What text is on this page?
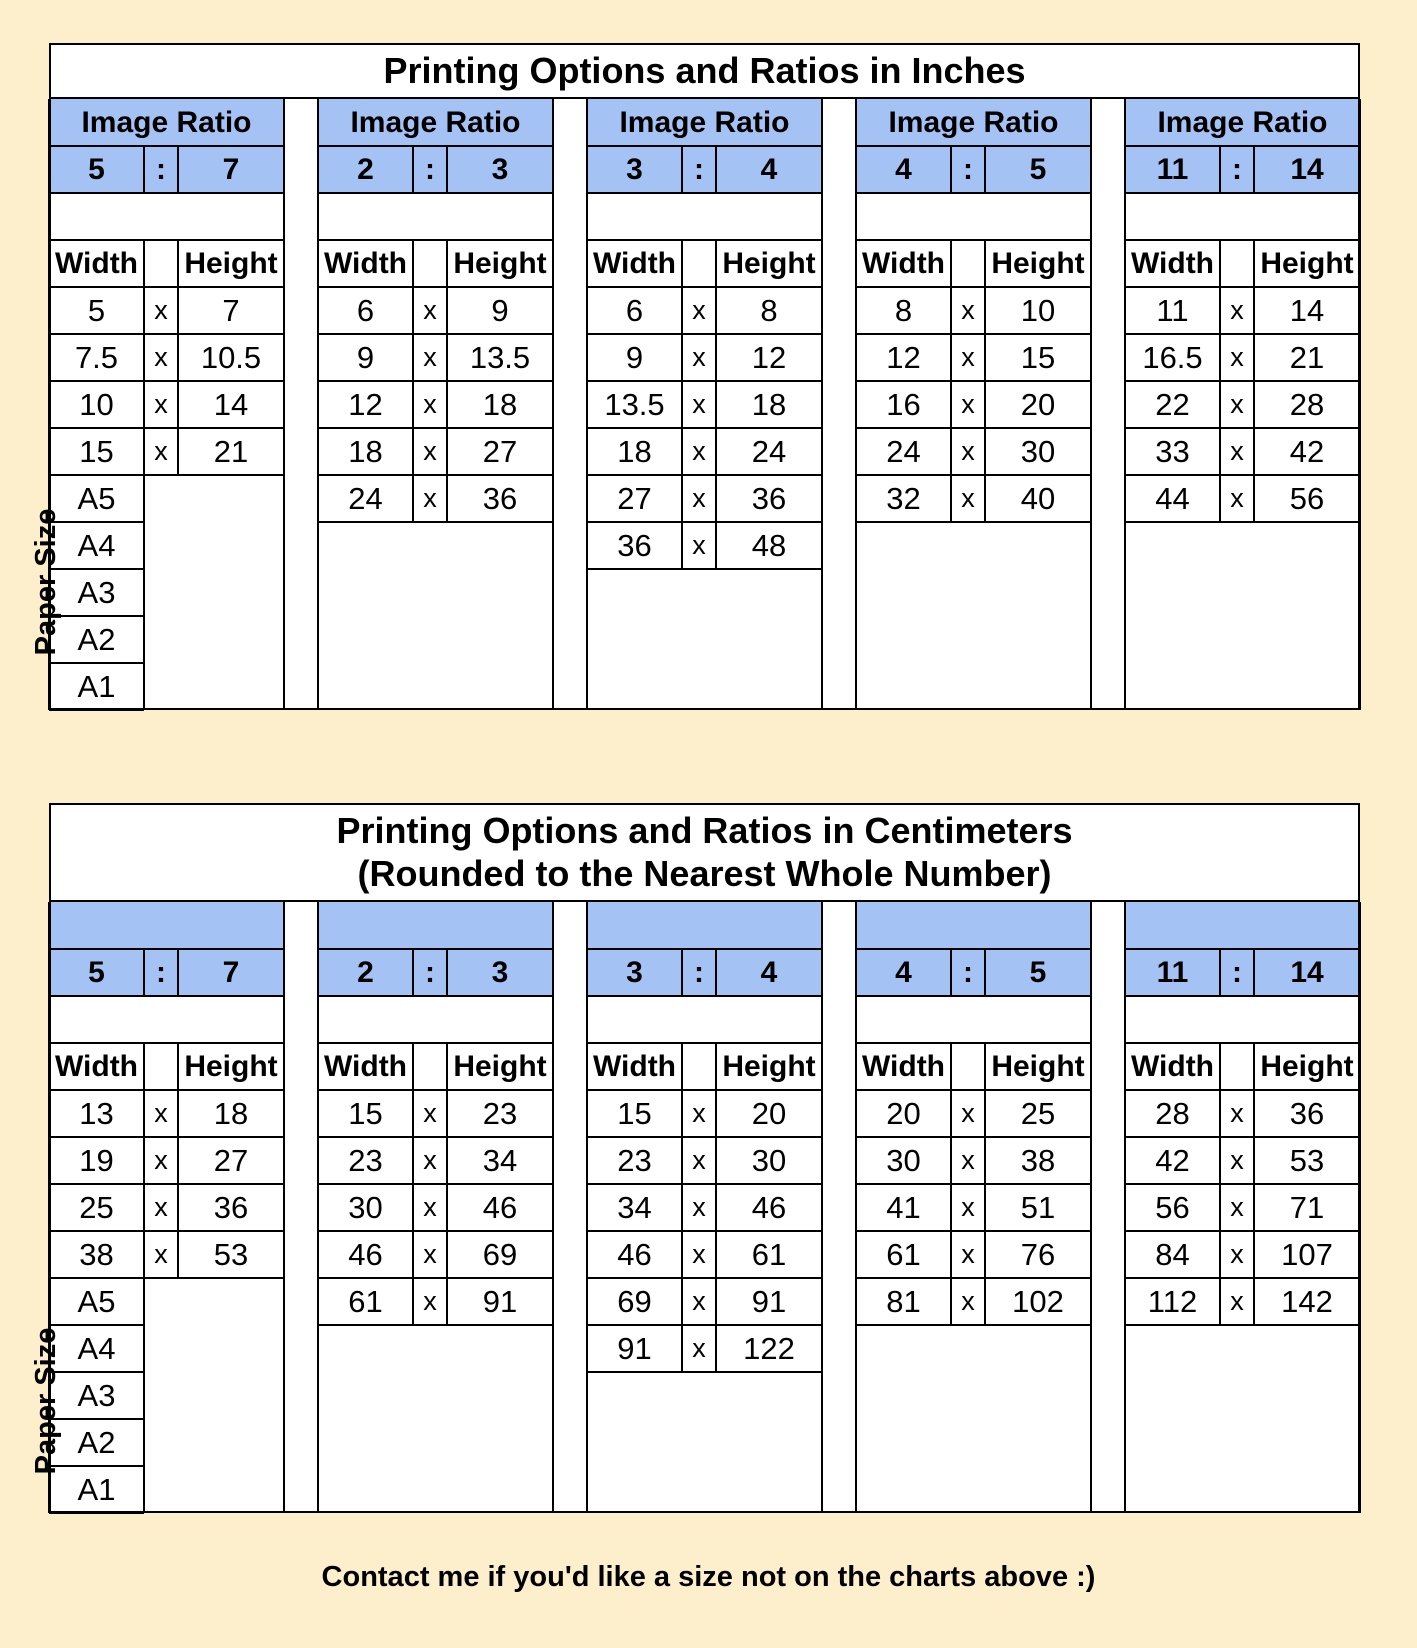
Printing Options and Ratios in Inches
Image Ratio
5	:	7
Width Height
5	x	7
7.5	x	10.5
10	x	14
15	x	21
A5
A4
A3
A2
A1
Image Ratio
2	:	3
Width Height
6	x	9
9	x	13.5
12	x	18
18	x	27
24	x	36
Image Ratio
3	:	4
Width Height
6	x	8
9	x	12
13.5	x	18
18	x	24
27	x	36
36	x	48
Image Ratio
4	:	5
Width Height
8	x	10
12	x	15
16	x	20
24	x	30
32	x	40
Image Ratio
11	:	14
Width Height
11	x	14
16.5	x	21
22	x	28
33	x	42
44	x	56
Printing Options and Ratios in Centimeters
(Rounded to the Nearest Whole Number)
5	:	7
Width Height
13	x	18
19	x	27
25	x	36
38	x	53
A5
A4
A3
A2
A1
2	:	3
Width Height
15	x	23
23	x	34
30	x	46
46	x	69
61	x	91
3	:	4
Width Height
15	x	20
23	x	30
34	x	46
46	x	61
69	x	91
91	x	122
4	:	5
Width Height
20	x	25
30	x	38
41	x	51
61	x	76
81	x	102
11	:	14
Width Height
28	x	36
42	x	53
56	x	71
84	x	107
112	x	142
Paper Size
Paper Size
Contact me if you'd like a size not on the charts above :)
